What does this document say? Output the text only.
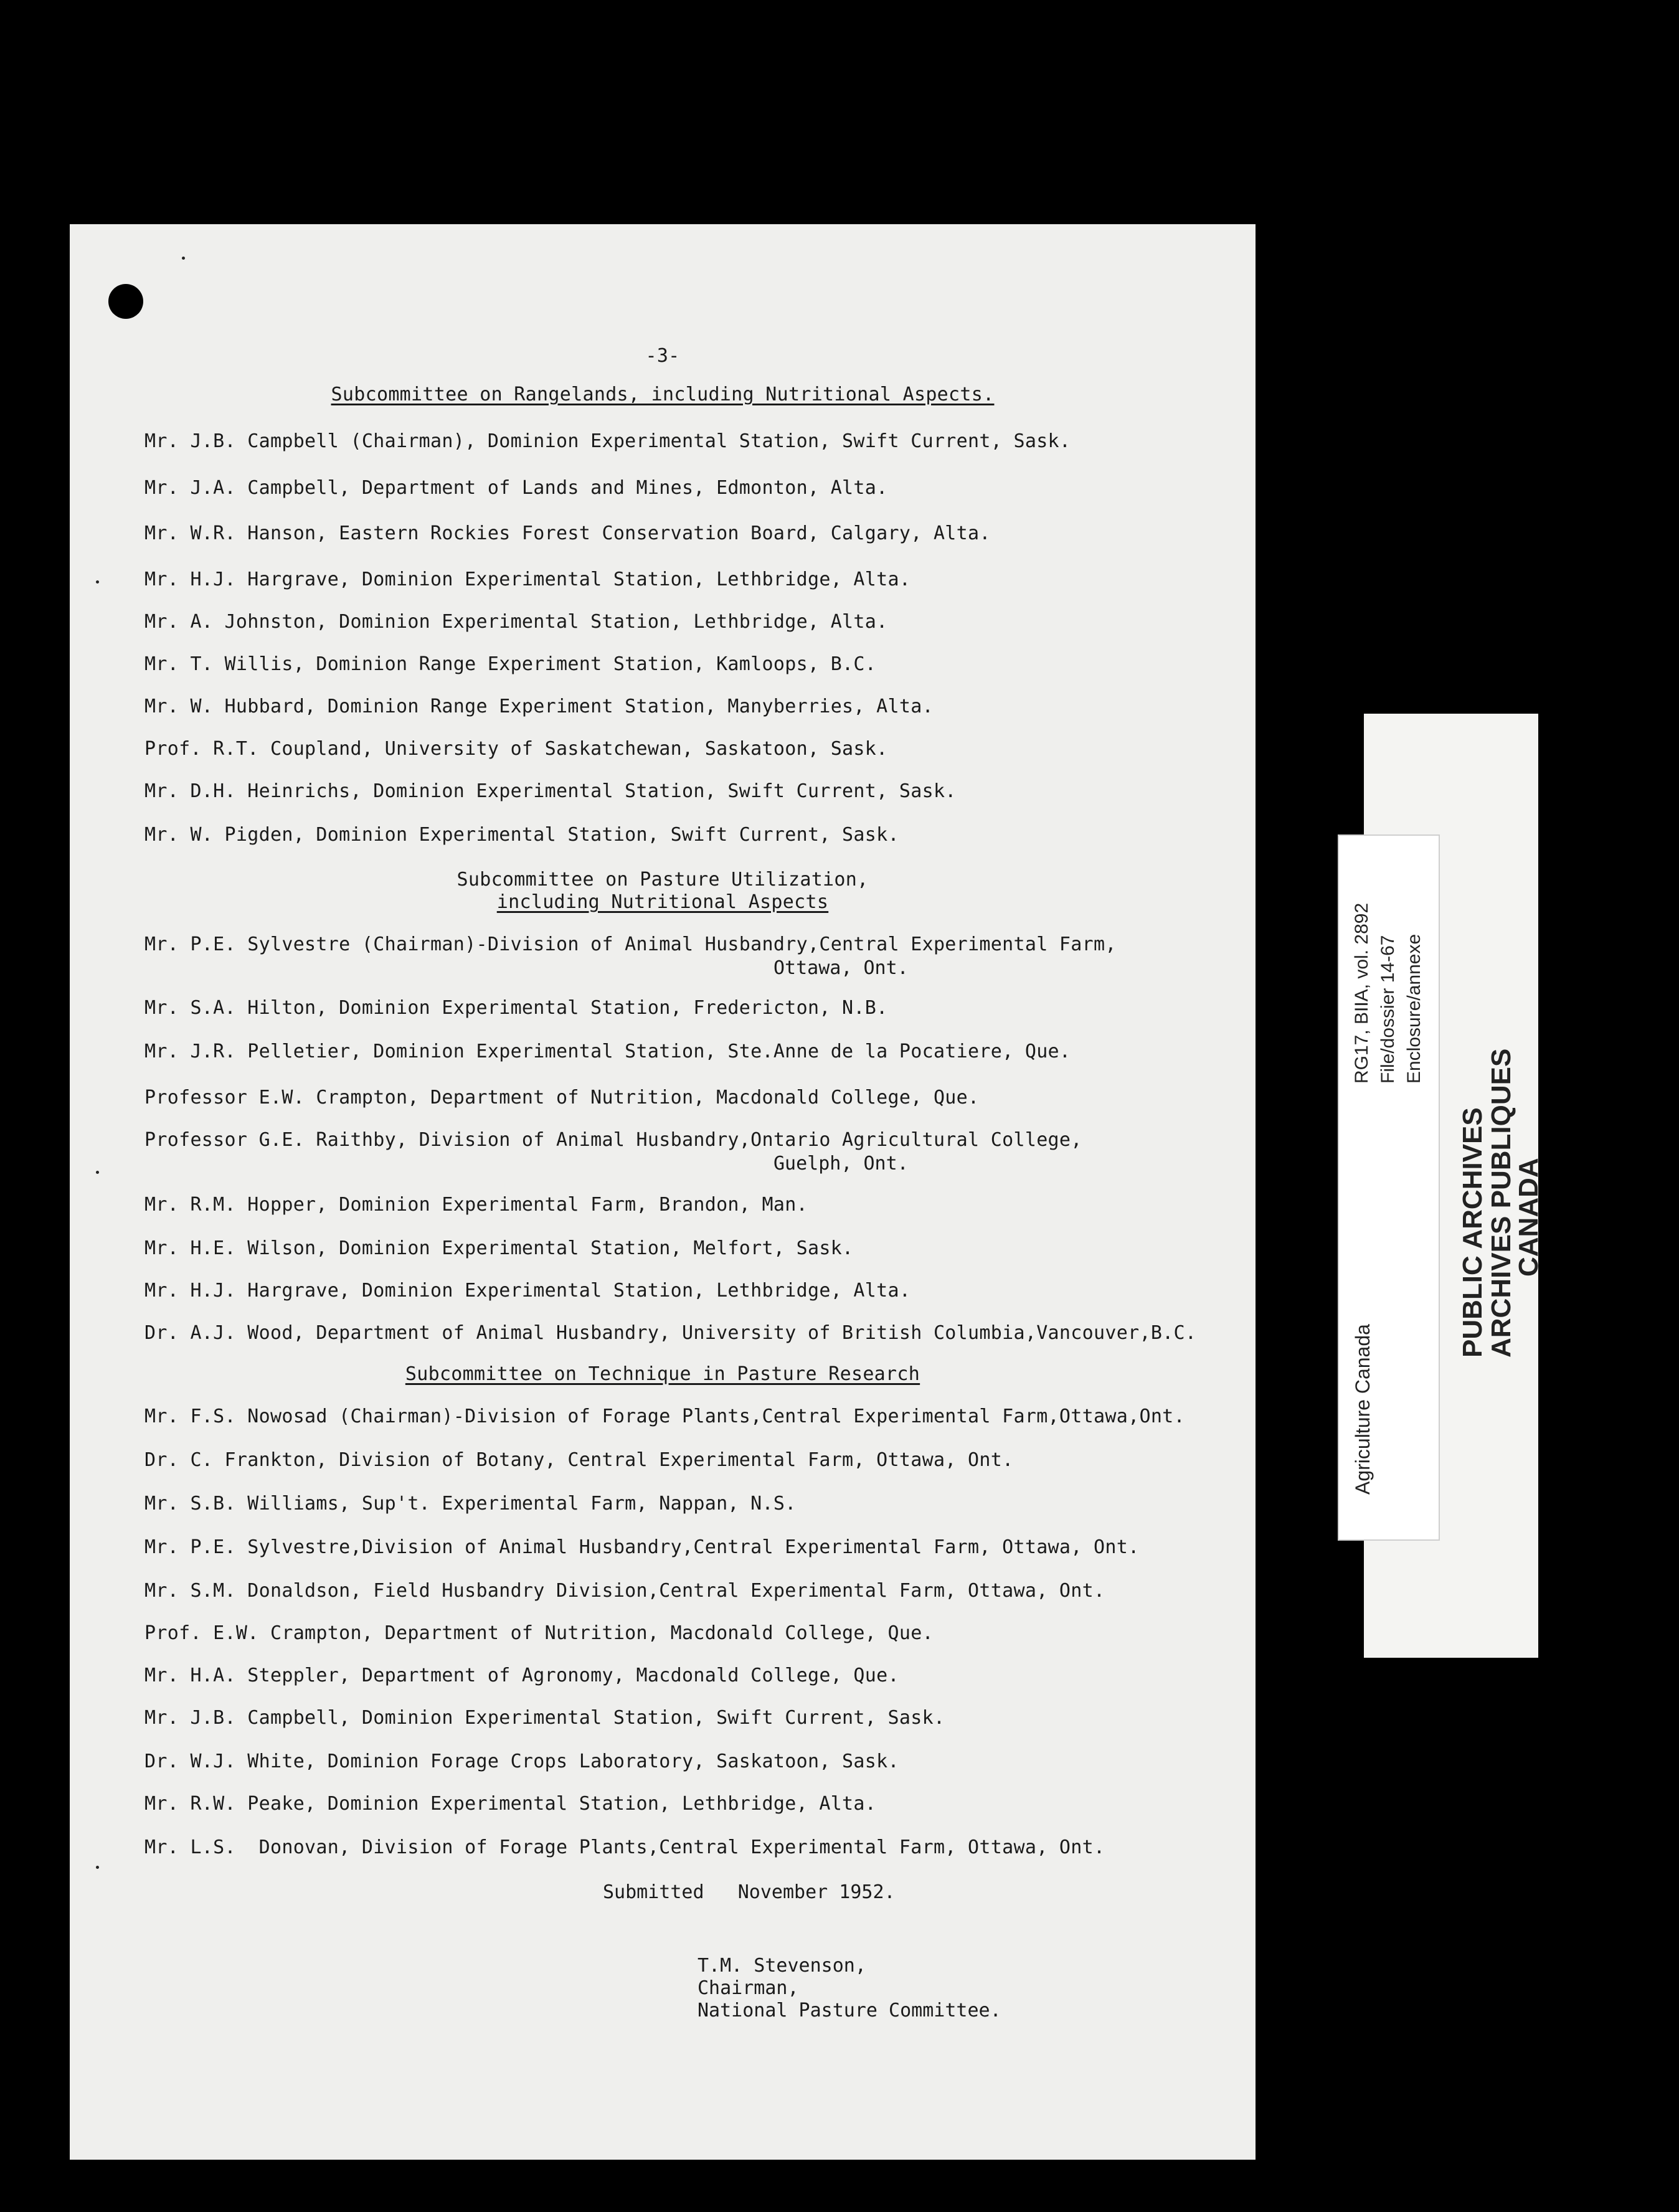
-3-
Subcommittee on Rangelands, including Nutritional Aspects.
Mr. J.B. Campbell (Chairman), Dominion Experimental Station, Swift Current, Sask.
Mr. J.A. Campbell, Department of Lands and Mines, Edmonton, Alta.
Mr. W.R. Hanson, Eastern Rockies Forest Conservation Board, Calgary, Alta.
Mr. H.J. Hargrave, Dominion Experimental Station, Lethbridge, Alta.
Mr. A. Johnston, Dominion Experimental Station, Lethbridge, Alta.
Mr. T. Willis, Dominion Range Experiment Station, Kamloops, B.C.
Mr. W. Hubbard, Dominion Range Experiment Station, Manyberries, Alta.
Prof. R.T. Coupland, University of Saskatchewan, Saskatoon, Sask.
Mr. D.H. Heinrichs, Dominion Experimental Station, Swift Current, Sask.
Mr. W. Pigden, Dominion Experimental Station, Swift Current, Sask.
Subcommittee on Pasture Utilization,
including Nutritional Aspects
Mr. P.E. Sylvestre (Chairman)-Division of Animal Husbandry,Central Experimental Farm,
Ottawa, Ont.
Mr. S.A. Hilton, Dominion Experimental Station, Fredericton, N.B.
Mr. J.R. Pelletier, Dominion Experimental Station, Ste.Anne de la Pocatiere, Que.
Professor E.W. Crampton, Department of Nutrition, Macdonald College, Que.
Professor G.E. Raithby, Division of Animal Husbandry,Ontario Agricultural College,
Guelph, Ont.
Mr. R.M. Hopper, Dominion Experimental Farm, Brandon, Man.
Mr. H.E. Wilson, Dominion Experimental Station, Melfort, Sask.
Mr. H.J. Hargrave, Dominion Experimental Station, Lethbridge, Alta.
Dr. A.J. Wood, Department of Animal Husbandry, University of British Columbia,Vancouver,B.C.
Subcommittee on Technique in Pasture Research
Mr. F.S. Nowosad (Chairman)-Division of Forage Plants,Central Experimental Farm,Ottawa,Ont.
Dr. C. Frankton, Division of Botany, Central Experimental Farm, Ottawa, Ont.
Mr. S.B. Williams, Sup't. Experimental Farm, Nappan, N.S.
Mr. P.E. Sylvestre,Division of Animal Husbandry,Central Experimental Farm, Ottawa, Ont.
Mr. S.M. Donaldson, Field Husbandry Division,Central Experimental Farm, Ottawa, Ont.
Prof. E.W. Crampton, Department of Nutrition, Macdonald College, Que.
Mr. H.A. Steppler, Department of Agronomy, Macdonald College, Que.
Mr. J.B. Campbell, Dominion Experimental Station, Swift Current, Sask.
Dr. W.J. White, Dominion Forage Crops Laboratory, Saskatoon, Sask.
Mr. R.W. Peake, Dominion Experimental Station, Lethbridge, Alta.
Mr. L.S.  Donovan, Division of Forage Plants,Central Experimental Farm, Ottawa, Ont.
Submitted   November 1952.
T.M. Stevenson,
Chairman,
National Pasture Committee.
Agriculture Canada
RG17, BIIA, vol. 2892 File/dossier 14-67 Enclosure/annexe
PUBLIC ARCHIVES
ARCHIVES PUBLIQUES
CANADA
